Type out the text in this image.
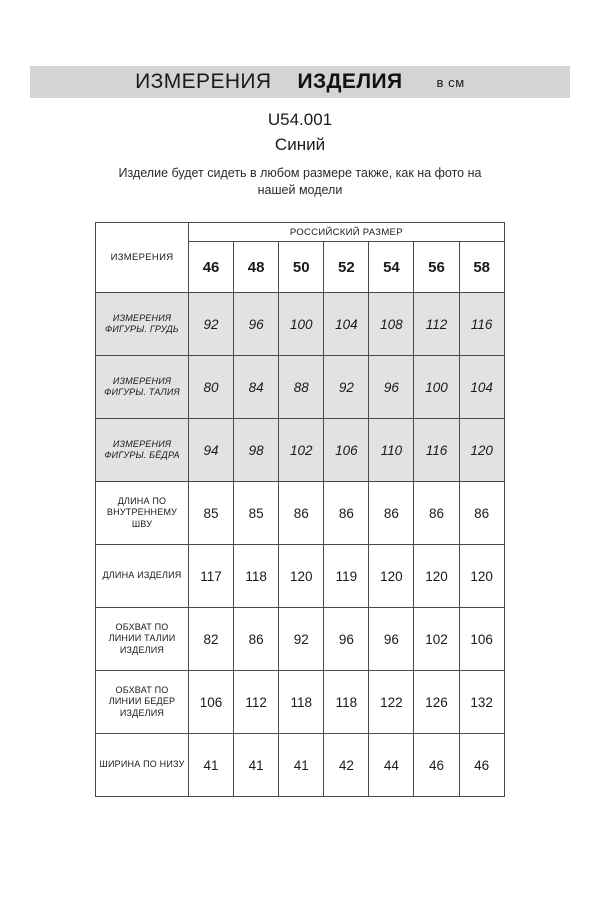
ИЗМЕРЕНИЯ ИЗДЕЛИЯ	в см
U54.001
Синий
Изделие будет сидеть в любом размере также, как на фото на нашей модели
ИЗМЕРЕНИЯ	РОССИЙСКИЙ РАЗМЕР						
	46	48	50	52	54	56	58
ИЗМЕРЕНИЯ ФИГУРЫ. ГРУДЬ	92	96	100	104	108	112	116
ИЗМЕРЕНИЯ ФИГУРЫ. ТАЛИЯ	80	84	88	92	96	100	104
ИЗМЕРЕНИЯ ФИГУРЫ. БЁДРА	94	98	102	106	110	116	120
ДЛИНА ПО ВНУТРЕННЕМУ ШВУ	85	85	86	86	86	86	86
ДЛИНА ИЗДЕЛИЯ	117	118	120	119	120	120	120
ОБХВАТ ПО ЛИНИИ ТАЛИИ ИЗДЕЛИЯ	82	86	92	96	96	102	106
ОБХВАТ ПО ЛИНИИ БЕДЕР ИЗДЕЛИЯ	106	112	118	118	122	126	132
ШИРИНА ПО НИЗУ	41	41	41	42	44	46	46
